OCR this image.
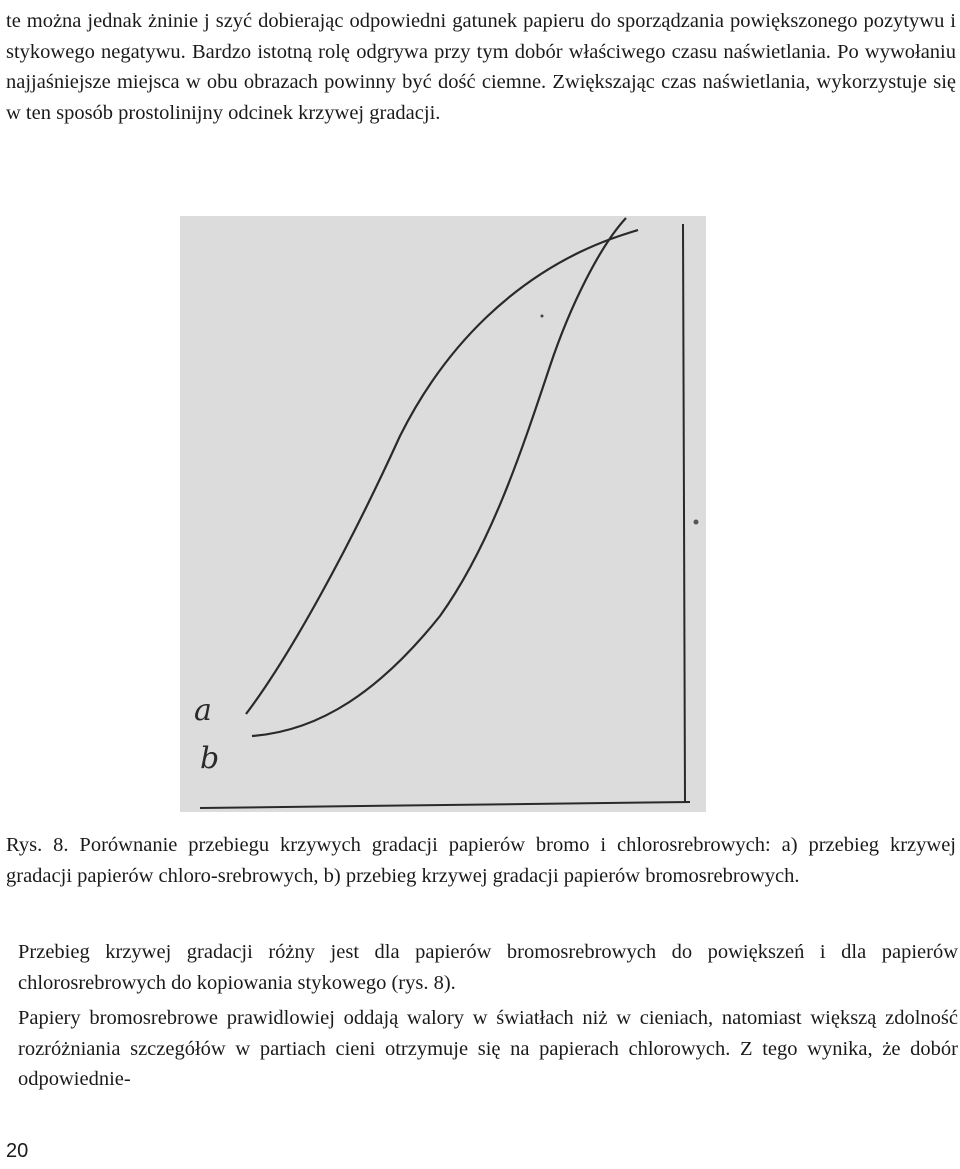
te można jednak żninie j szyć dobierając odpowiedni gatunek papieru do sporządzania powiększonego pozytywu i stykowego negatywu. Bardzo istotną rolę odgrywa przy tym dobór właściwego czasu naświetlania. Po wywołaniu najjaśniejsze miejsca w obu obrazach powinny być dość ciemne. Zwiększając czas naświetlania, wykorzystuje się w ten sposób prostolinijny odcinek krzywej gradacji.

a
b

Rys. 8. Porównanie przebiegu krzywych gradacji papierów bromo i chlorosrebrowych: a) przebieg krzywej gradacji papierów chloro-srebrowych, b) przebieg krzywej gradacji papierów bromosrebrowych.

Przebieg krzywej gradacji różny jest dla papierów bromosrebrowych do powiększeń i dla papierów chlorosrebrowych do kopiowania stykowego (rys. 8).

Papiery bromosrebrowe prawidlowiej oddają walory w światłach niż w cieniach, natomiast większą zdolność rozróżniania szczegółów w partiach cieni otrzymuje się na papierach chlorowych. Z tego wynika, że dobór odpowiednie-

20
